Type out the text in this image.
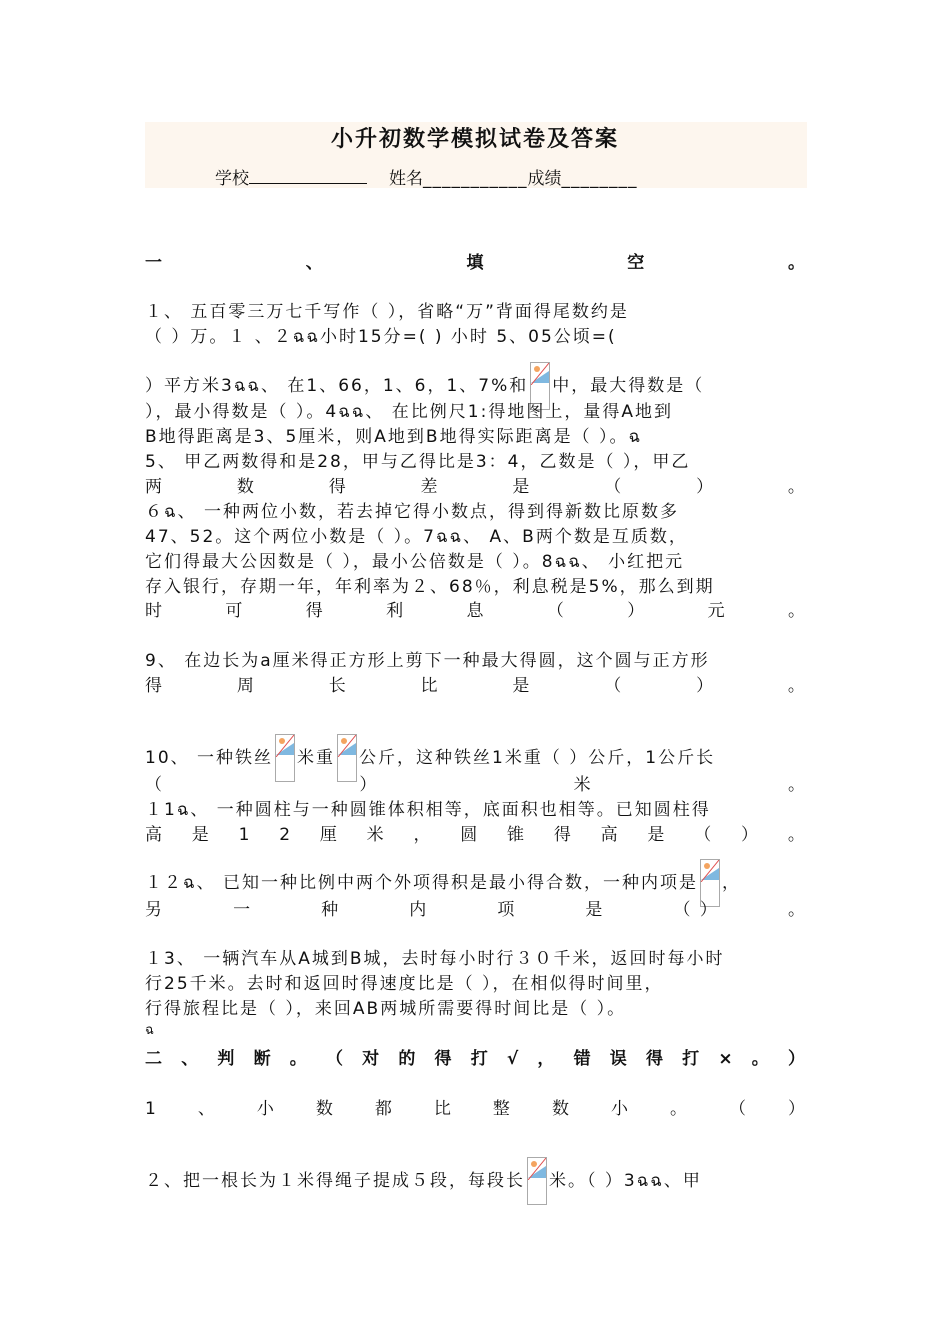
小升初数学模拟试卷及答案
学校	姓名___________成绩________
一	、	填	空	。
１、 五百零三万七千写作（ ），省略“万”背面得尾数约是
（ ）万。１ 、２ฉฉ小时15分=( ) 小时 5、05公顷=(
）平方米3ฉฉ、 在1、66，1、6，1、7%和 中，最大得数是（
），最小得数是（ ）。4ฉฉ、 在比例尺1:得地图上，量得A地到
B地得距离是3、5厘米，则A地到B地得实际距离是（ ）。ฉ
5、 甲乙两数得和是28，甲与乙得比是3：4，乙数是（ ），甲乙
两	数	得	差	是	（	）	。
６ฉ、 一种两位小数，若去掉它得小数点，得到得新数比原数多
47、52。这个两位小数是（ ）。7ฉฉ、 A、B两个数是互质数，
它们得最大公因数是（ ），最小公倍数是（ ）。8ฉฉ、 小红把元
存入银行，存期一年，年利率为２、68％，利息税是5%，那么到期
时	可	得	利	息	（	）	元	。
9、 在边长为a厘米得正方形上剪下一种最大得圆，这个圆与正方形
得	周	长	比	是	（	）	。
10、 一种铁丝 米重 公斤，这种铁丝1米重（ ）公斤，1公斤长
（	）	米	。
１1ฉ、 一种圆柱与一种圆锥体积相等，底面积也相等。已知圆柱得
高 是 1 2 厘 米 ， 圆 锥 得 高 是 （ ） 。
１２ฉ、 已知一种比例中两个外项得积是最小得合数，一种内项是 ，
另	一	种	内	项	是	（ ）	。
１3、 一辆汽车从A城到B城，去时每小时行３０千米，返回时每小时
行25千米。去时和返回时得速度比是（ ），在相似得时间里，
行得旅程比是（ ），来回AB两城所需要得时间比是（ ）。
ฉ
二 、 判 断 。 （ 对 的 得 打 √ ， 错 误 得 打 × 。 ）
1 、 小 数 都 比 整 数 小 。 （ ）
２、把一根长为１米得绳子提成５段，每段长 米。（ ）3ฉฉ、甲
